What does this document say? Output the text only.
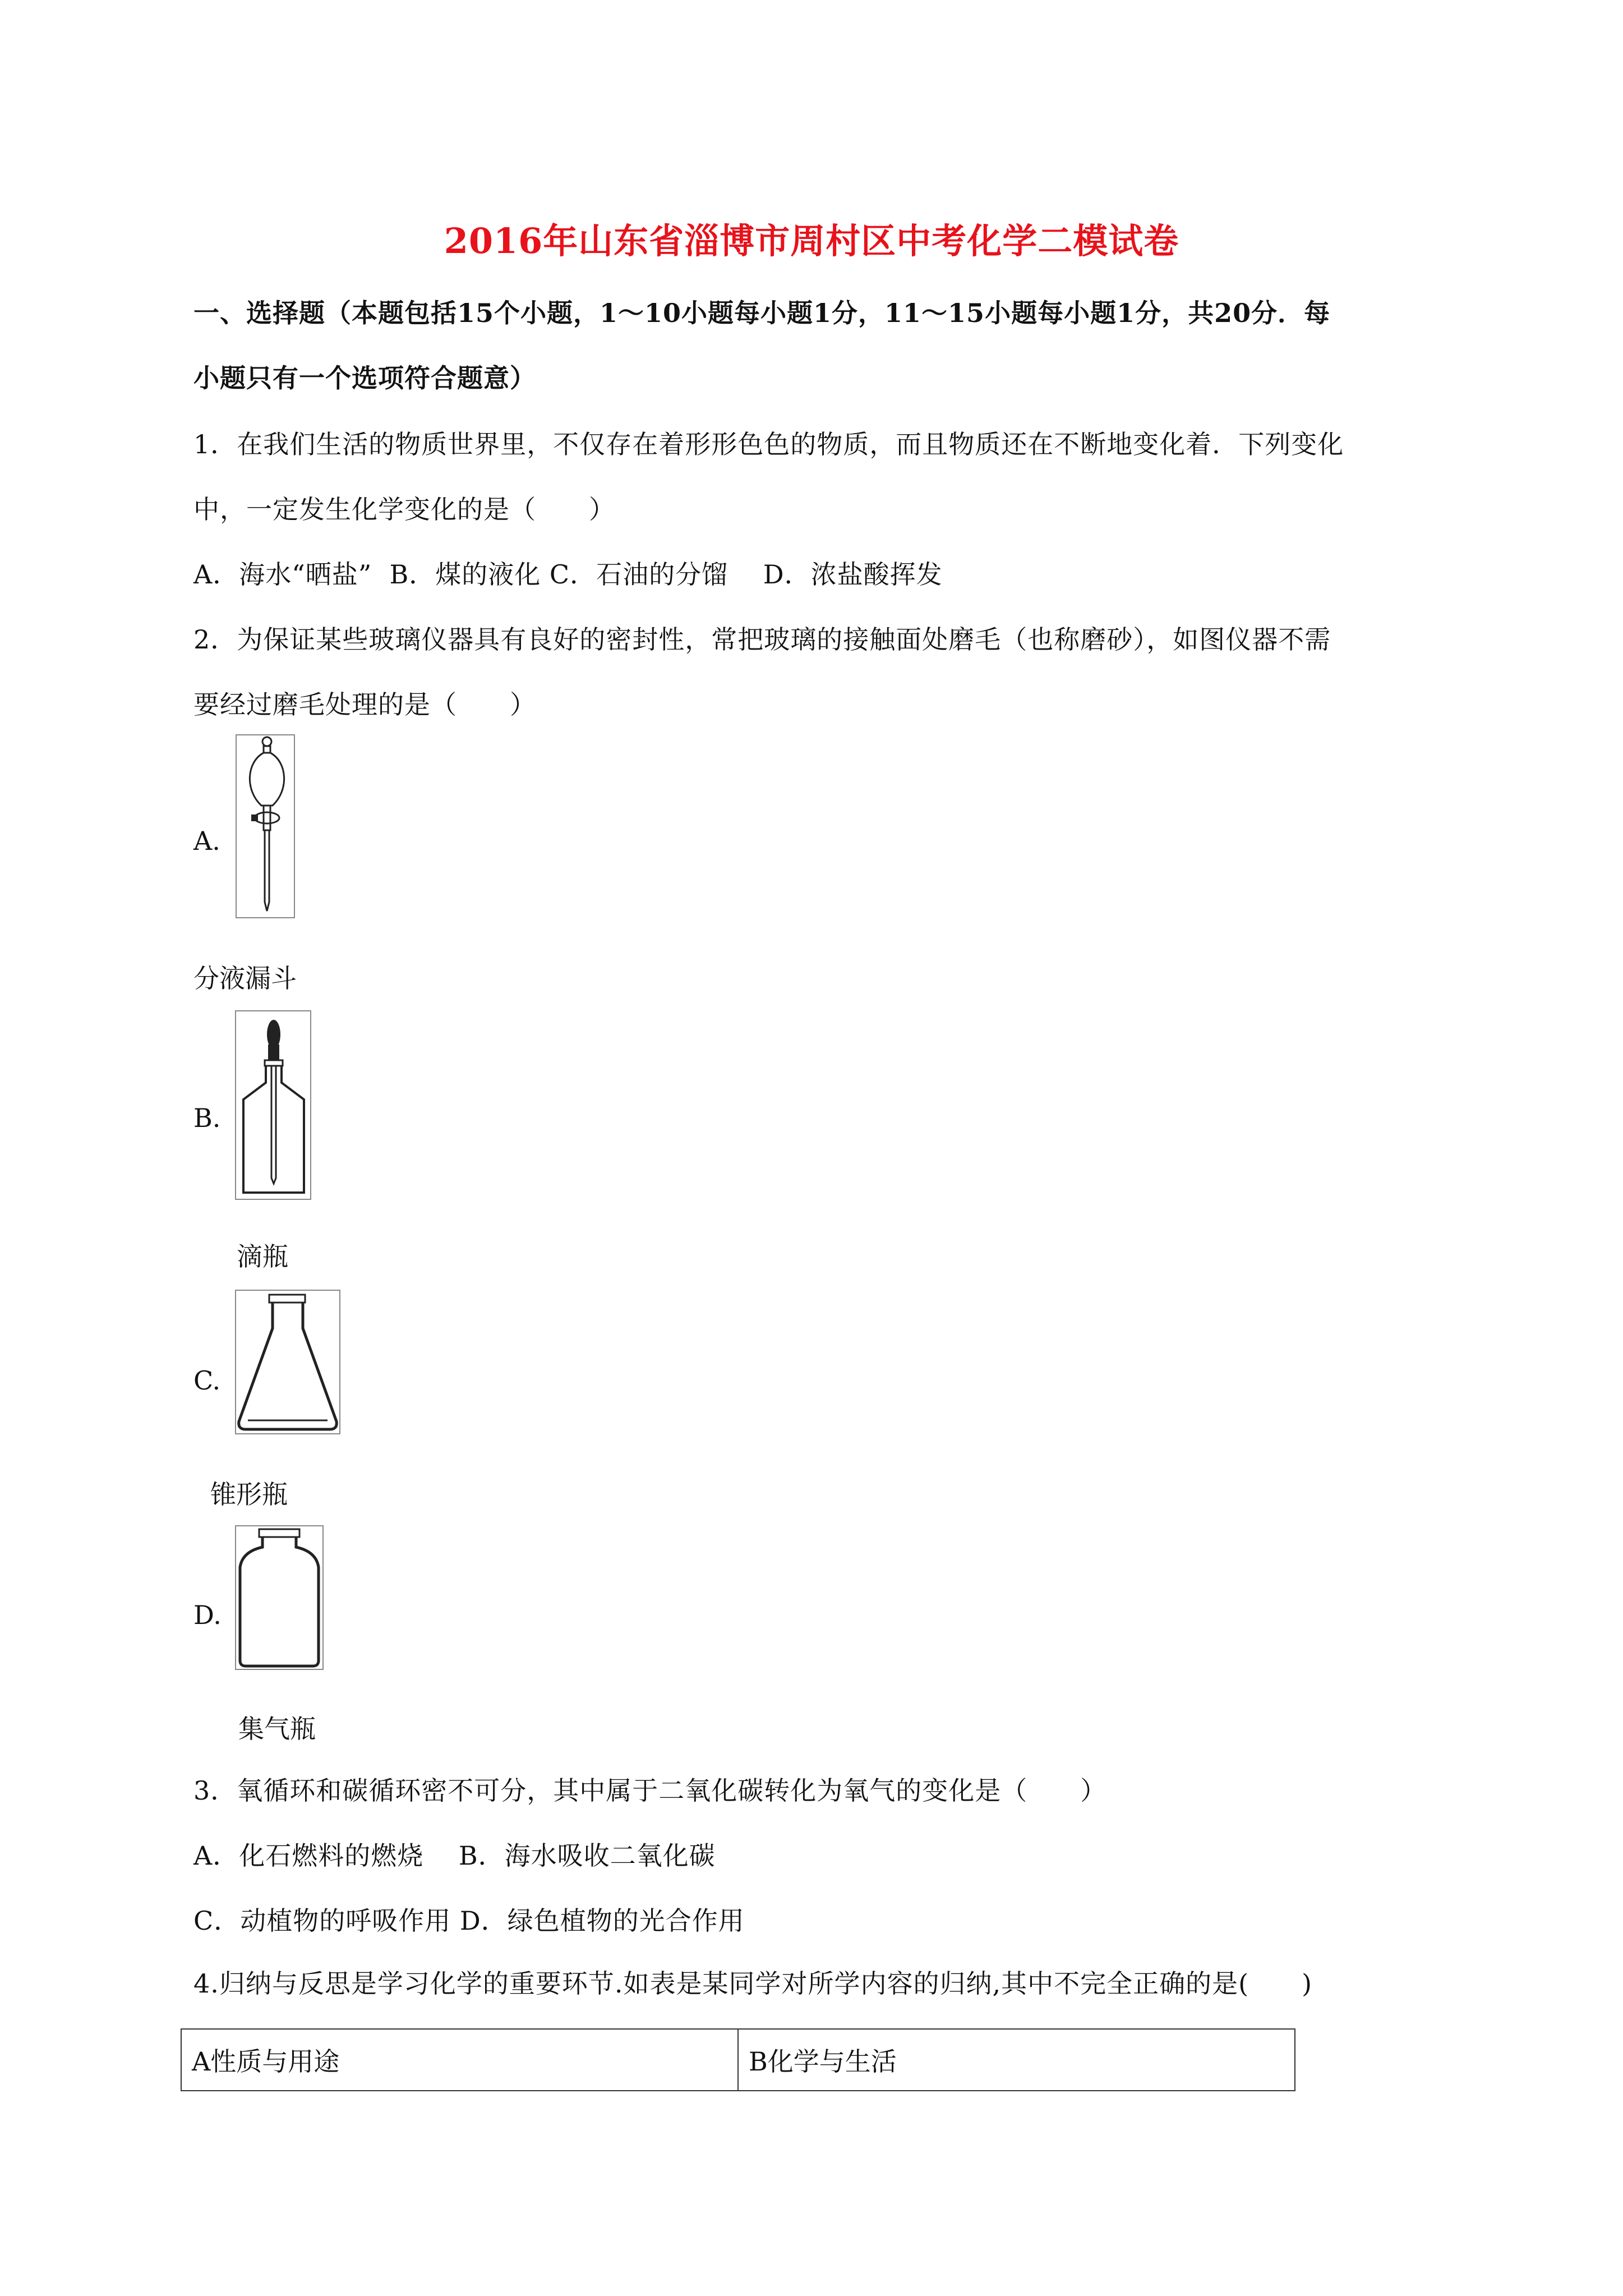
2016年山东省淄博市周村区中考化学二模试卷
一、选择题（本题包括15个小题，1～10小题每小题1分，11～15小题每小题1分，共20分．每
小题只有一个选项符合题意）
1．在我们生活的物质世界里，不仅存在着形形色色的物质，而且物质还在不断地变化着．下列变化
中，一定发生化学变化的是（　　）
A．海水“晒盐”  B．煤的液化 C．石油的分馏　 D．浓盐酸挥发
2．为保证某些玻璃仪器具有良好的密封性，常把玻璃的接触面处磨毛（也称磨砂），如图仪器不需
要经过磨毛处理的是（　　）
A.
分液漏斗
B.
滴瓶
C.
锥形瓶
D.
集气瓶
3．氧循环和碳循环密不可分，其中属于二氧化碳转化为氧气的变化是（　　）
A．化石燃料的燃烧　 B．海水吸收二氧化碳
C．动植物的呼吸作用 D．绿色植物的光合作用
4.归纳与反思是学习化学的重要环节.如表是某同学对所学内容的归纳,其中不完全正确的是(　　)
A性质与用途	B化学与生活
